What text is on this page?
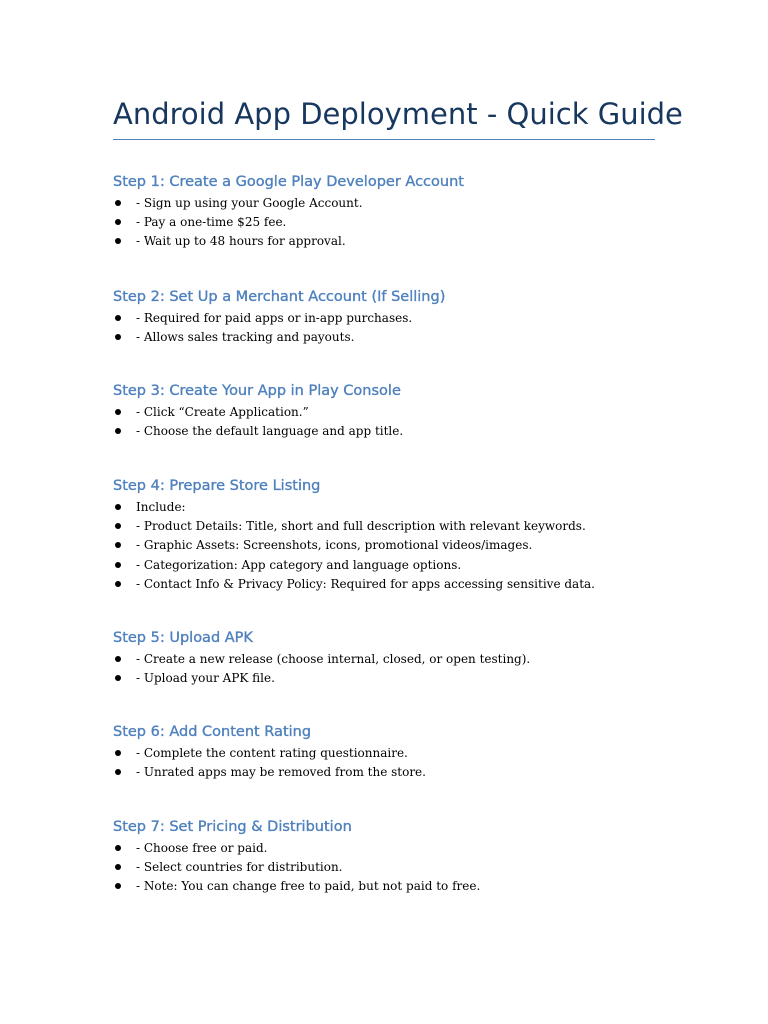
Android App Deployment - Quick Guide
Step 1: Create a Google Play Developer Account
- Sign up using your Google Account.
- Pay a one-time $25 fee.
- Wait up to 48 hours for approval.
Step 2: Set Up a Merchant Account (If Selling)
- Required for paid apps or in-app purchases.
- Allows sales tracking and payouts.
Step 3: Create Your App in Play Console
- Click “Create Application.”
- Choose the default language and app title.
Step 4: Prepare Store Listing
Include:
- Product Details: Title, short and full description with relevant keywords.
- Graphic Assets: Screenshots, icons, promotional videos/images.
- Categorization: App category and language options.
- Contact Info & Privacy Policy: Required for apps accessing sensitive data.
Step 5: Upload APK
- Create a new release (choose internal, closed, or open testing).
- Upload your APK file.
Step 6: Add Content Rating
- Complete the content rating questionnaire.
- Unrated apps may be removed from the store.
Step 7: Set Pricing & Distribution
- Choose free or paid.
- Select countries for distribution.
- Note: You can change free to paid, but not paid to free.
